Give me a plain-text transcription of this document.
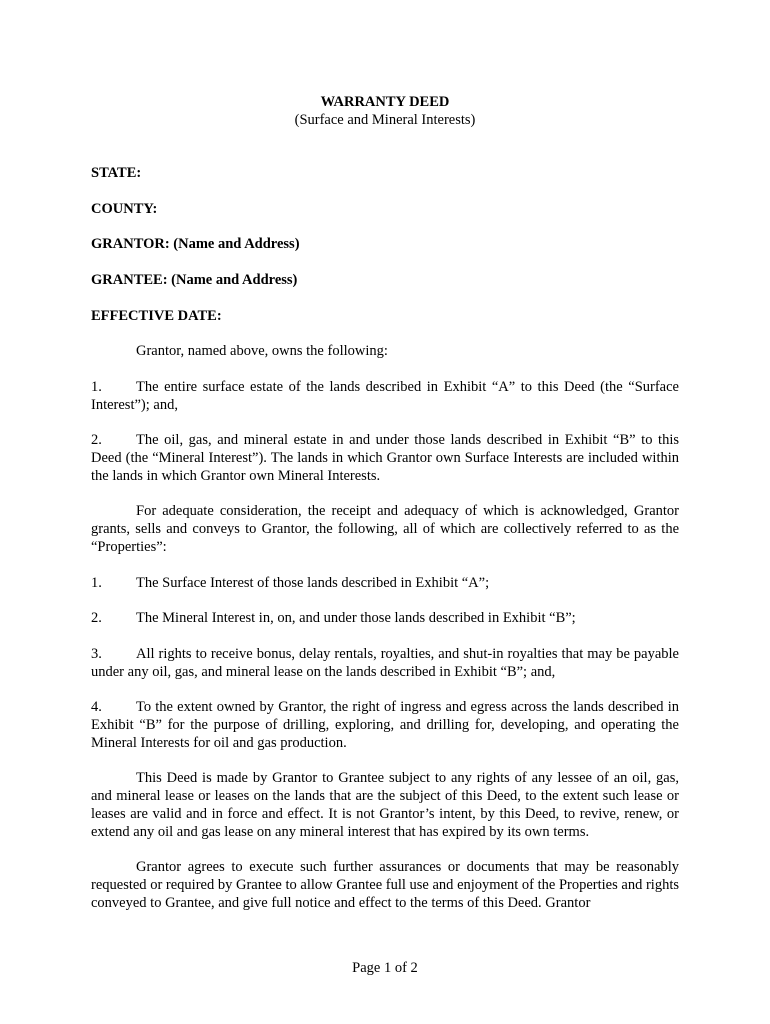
WARRANTY DEED
(Surface and Mineral Interests)

STATE:

COUNTY:

GRANTOR: (Name and Address)

GRANTEE: (Name and Address)

EFFECTIVE DATE:

Grantor, named above, owns the following:

1. The entire surface estate of the lands described in Exhibit “A” to this Deed (the “Surface Interest”); and,

2. The oil, gas, and mineral estate in and under those lands described in Exhibit “B” to this Deed (the “Mineral Interest”). The lands in which Grantor own Surface Interests are included within the lands in which Grantor own Mineral Interests.

For adequate consideration, the receipt and adequacy of which is acknowledged, Grantor grants, sells and conveys to Grantor, the following, all of which are collectively referred to as the “Properties”:

1. The Surface Interest of those lands described in Exhibit “A”;

2. The Mineral Interest in, on, and under those lands described in Exhibit “B”;

3. All rights to receive bonus, delay rentals, royalties, and shut-in royalties that may be payable under any oil, gas, and mineral lease on the lands described in Exhibit “B”; and,

4. To the extent owned by Grantor, the right of ingress and egress across the lands described in Exhibit “B” for the purpose of drilling, exploring, and drilling for, developing, and operating the Mineral Interests for oil and gas production.

This Deed is made by Grantor to Grantee subject to any rights of any lessee of an oil, gas, and mineral lease or leases on the lands that are the subject of this Deed, to the extent such lease or leases are valid and in force and effect. It is not Grantor’s intent, by this Deed, to revive, renew, or extend any oil and gas lease on any mineral interest that has expired by its own terms.

Grantor agrees to execute such further assurances or documents that may be reasonably requested or required by Grantee to allow Grantee full use and enjoyment of the Properties and rights conveyed to Grantee, and give full notice and effect to the terms of this Deed. Grantor

Page 1 of 2
